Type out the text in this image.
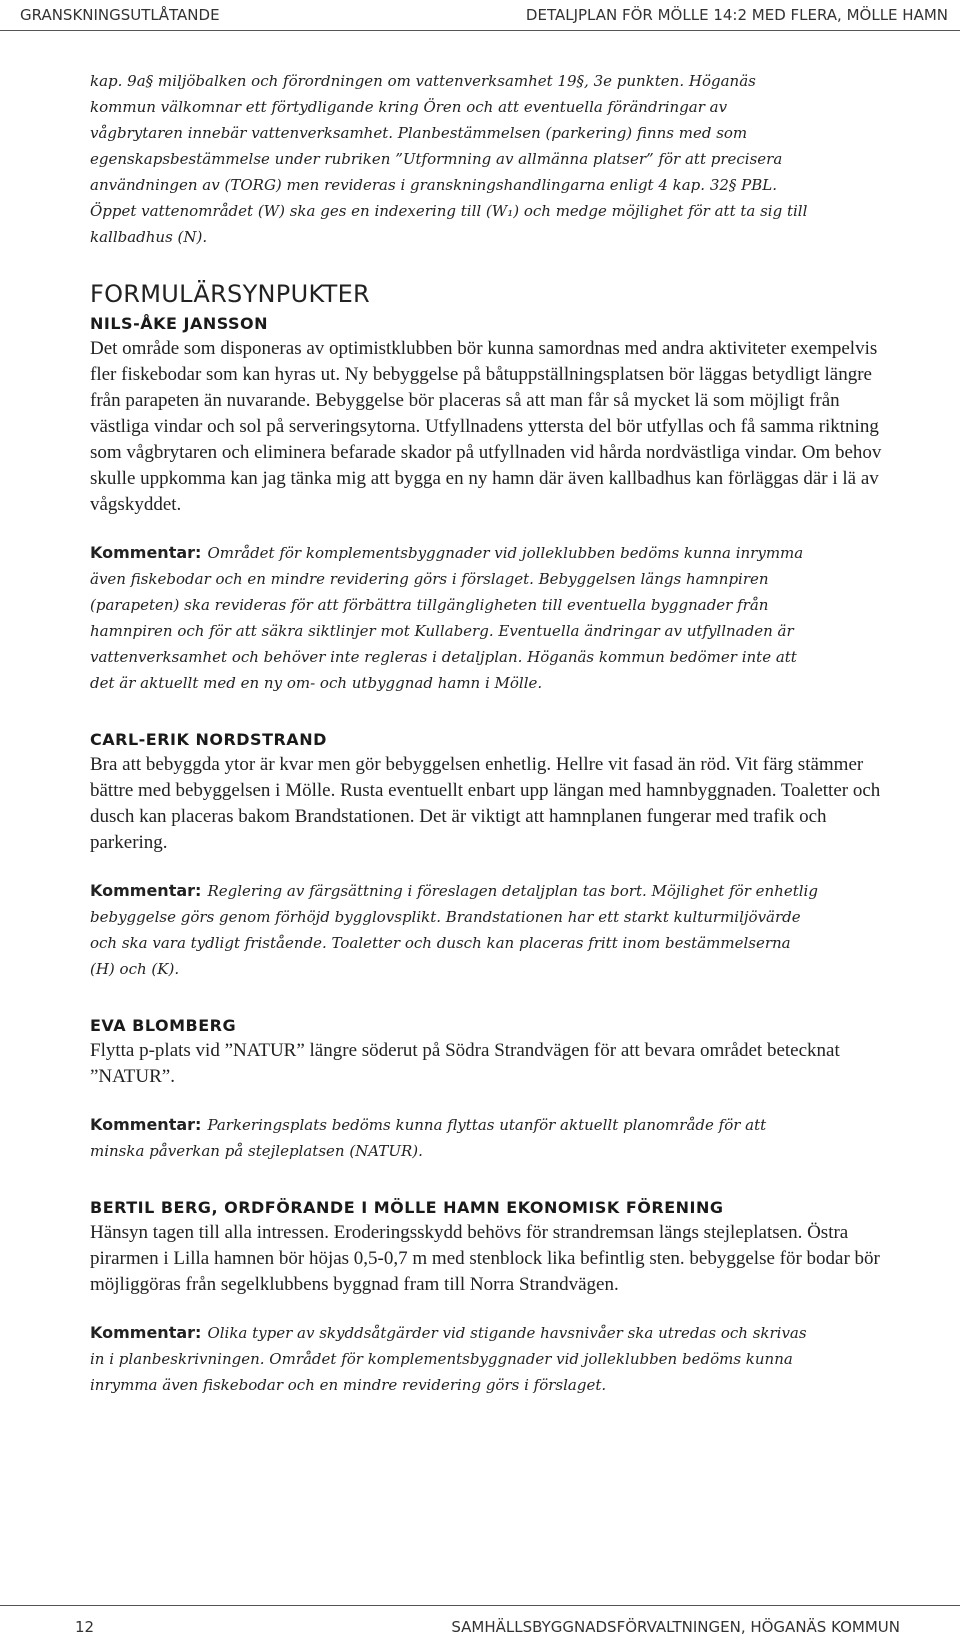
GRANSKNINGSUTLÅTANDE	DETALJPLAN FÖR MÖLLE 14:2 MED FLERA, MÖLLE HAMN

kap. 9a§ miljöbalken och förordningen om vattenverksamhet 19§, 3e punkten. Höganäs kommun välkomnar ett förtydligande kring Ören och att eventuella förändringar av vågbrytaren innebär vattenverksamhet. Planbestämmelsen (parkering) finns med som egenskapsbestämmelse under rubriken ”Utformning av allmänna platser” för att precisera användningen av (TORG) men revideras i granskningshandlingarna enligt 4 kap. 32§ PBL. Öppet vattenområdet (W) ska ges en indexering till (W₁) och medge möjlighet för att ta sig till kallbadhus (N).

FORMULÄRSYNPUKTER

NILS-ÅKE JANSSON

Det område som disponeras av optimistklubben bör kunna samordnas med andra aktiviteter exempelvis fler fiskebodar som kan hyras ut. Ny bebyggelse på båtuppställningsplatsen bör läggas betydligt längre från parapeten än nuvarande. Bebyggelse bör placeras så att man får så mycket lä som möjligt från västliga vindar och sol på serveringsytorna. Utfyllnadens yttersta del bör utfyllas och få samma riktning som vågbrytaren och eliminera befarade skador på utfyllnaden vid hårda nordvästliga vindar. Om behov skulle uppkomma kan jag tänka mig att bygga en ny hamn där även kallbadhus kan förläggas där i lä av vågskyddet.

Kommentar: Området för komplementsbyggnader vid jolleklubben bedöms kunna inrymma även fiskebodar och en mindre revidering görs i förslaget. Bebyggelsen längs hamnpiren (parapeten) ska revideras för att förbättra tillgängligheten till eventuella byggnader från hamnpiren och för att säkra siktlinjer mot Kullaberg. Eventuella ändringar av utfyllnaden är vattenverksamhet och behöver inte regleras i detaljplan. Höganäs kommun bedömer inte att det är aktuellt med en ny om- och utbyggnad hamn i Mölle.

CARL-ERIK NORDSTRAND

Bra att bebyggda ytor är kvar men gör bebyggelsen enhetlig. Hellre vit fasad än röd. Vit färg stämmer bättre med bebyggelsen i Mölle. Rusta eventuellt enbart upp längan med hamnbyggnaden. Toaletter och dusch kan placeras bakom Brandstationen. Det är viktigt att hamnplanen fungerar med trafik och parkering.

Kommentar: Reglering av färgsättning i föreslagen detaljplan tas bort. Möjlighet för enhetlig bebyggelse görs genom förhöjd bygglovsplikt. Brandstationen har ett starkt kulturmiljövärde och ska vara tydligt fristående. Toaletter och dusch kan placeras fritt inom bestämmelserna (H) och (K).

EVA BLOMBERG

Flytta p-plats vid ”NATUR” längre söderut på Södra Strandvägen för att bevara området betecknat ”NATUR”.

Kommentar: Parkeringsplats bedöms kunna flyttas utanför aktuellt planområde för att minska påverkan på stejleplatsen (NATUR).

BERTIL BERG, ORDFÖRANDE I MÖLLE HAMN EKONOMISK FÖRENING

Hänsyn tagen till alla intressen. Eroderingsskydd behövs för strandremsan längs stejleplatsen. Östra pirarmen i Lilla hamnen bör höjas 0,5-0,7 m med stenblock lika befintlig sten. bebyggelse för bodar bör möjliggöras från segelklubbens byggnad fram till Norra Strandvägen.

Kommentar: Olika typer av skyddsåtgärder vid stigande havsnivåer ska utredas och skrivas in i planbeskrivningen. Området för komplementsbyggnader vid jolleklubben bedöms kunna inrymma även fiskebodar och en mindre revidering görs i förslaget.

12	SAMHÄLLSBYGGNADSFÖRVALTNINGEN, HÖGANÄS KOMMUN
